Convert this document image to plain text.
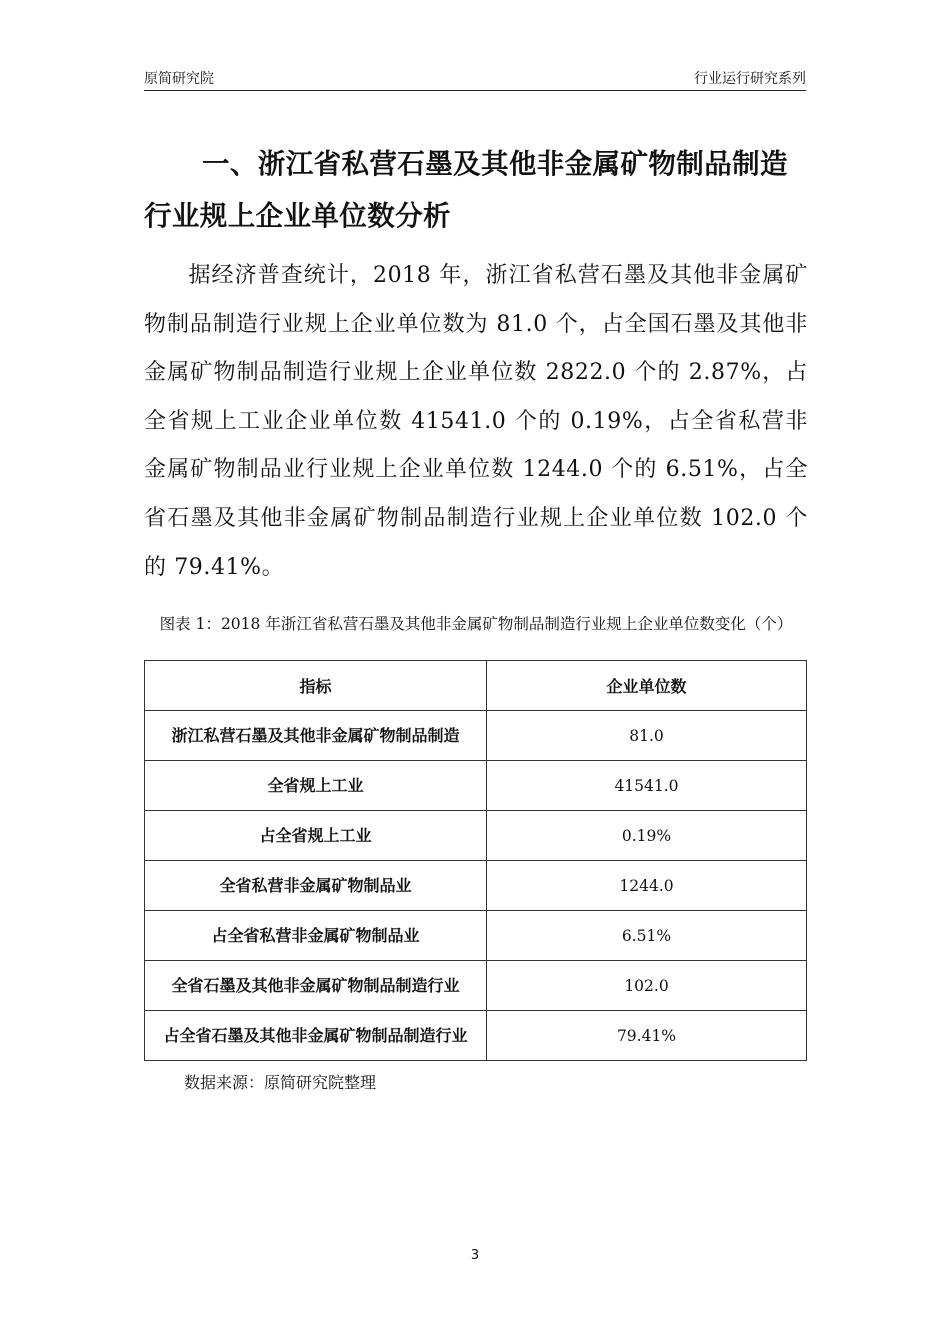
原简研究院	行业运行研究系列
一、浙江省私营石墨及其他非金属矿物制品制造行业规上企业单位数分析
据经济普查统计，2018 年，浙江省私营石墨及其他非金属矿物制品制造行业规上企业单位数为 81.0 个，占全国石墨及其他非金属矿物制品制造行业规上企业单位数 2822.0 个的 2.87%，占全省规上工业企业单位数 41541.0 个的 0.19%，占全省私营非金属矿物制品业行业规上企业单位数 1244.0 个的 6.51%，占全省石墨及其他非金属矿物制品制造行业规上企业单位数 102.0 个的 79.41%。
图表 1：2018 年浙江省私营石墨及其他非金属矿物制品制造行业规上企业单位数变化（个）
指标	企业单位数
浙江私营石墨及其他非金属矿物制品制造	81.0
全省规上工业	41541.0
占全省规上工业	0.19%
全省私营非金属矿物制品业	1244.0
占全省私营非金属矿物制品业	6.51%
全省石墨及其他非金属矿物制品制造行业	102.0
占全省石墨及其他非金属矿物制品制造行业	79.41%
数据来源：原简研究院整理
3
